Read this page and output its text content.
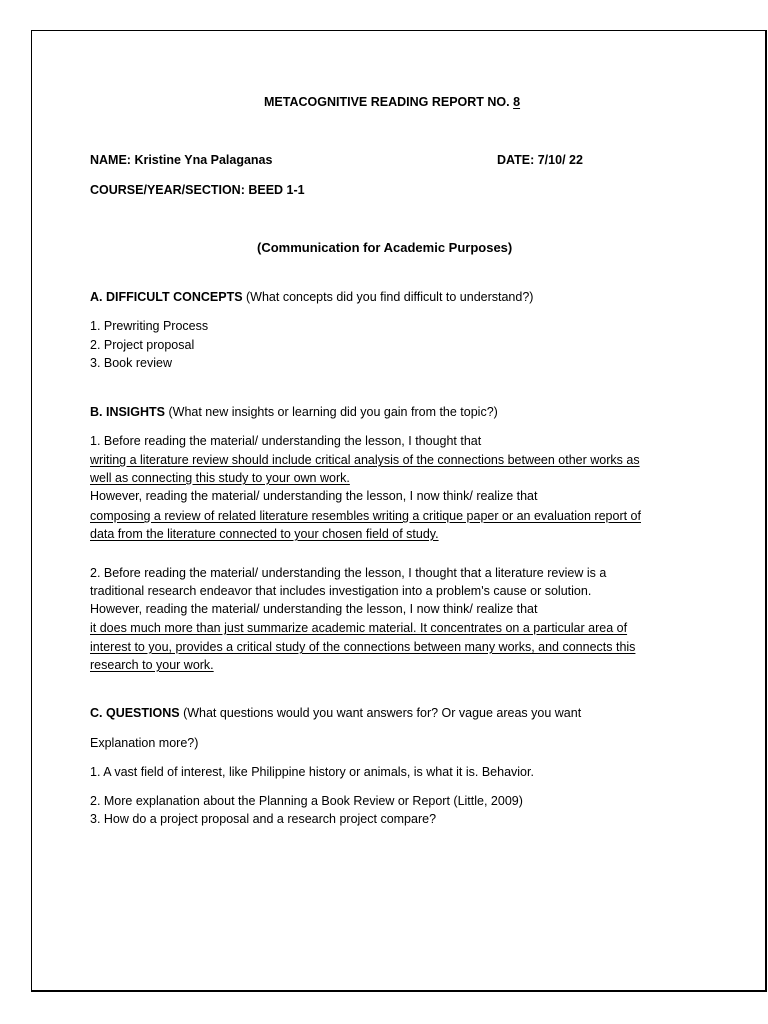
METACOGNITIVE READING REPORT NO. 8
NAME: Kristine Yna Palaganas	DATE: 7/10/ 22
COURSE/YEAR/SECTION: BEED 1-1
(Communication for Academic Purposes)
A. DIFFICULT CONCEPTS (What concepts did you find difficult to understand?)
1. Prewriting Process
2. Project proposal
3. Book review
B. INSIGHTS (What new insights or learning did you gain from the topic?)
1. Before reading the material/ understanding the lesson, I thought that
writing a literature review should include critical analysis of the connections between other works as
well as connecting this study to your own work.
However, reading the material/ understanding the lesson, I now think/ realize that
composing a review of related literature resembles writing a critique paper or an evaluation report of
data from the literature connected to your chosen field of study.
2. Before reading the material/ understanding the lesson, I thought that a literature review is a
traditional research endeavor that includes investigation into a problem's cause or solution.
However, reading the material/ understanding the lesson, I now think/ realize that
it does much more than just summarize academic material. It concentrates on a particular area of
interest to you, provides a critical study of the connections between many works, and connects this
research to your work.
C. QUESTIONS (What questions would you want answers for? Or vague areas you want
Explanation more?)
1. A vast field of interest, like Philippine history or animals, is what it is. Behavior.
2. More explanation about the Planning a Book Review or Report (Little, 2009)
3. How do a project proposal and a research project compare?
